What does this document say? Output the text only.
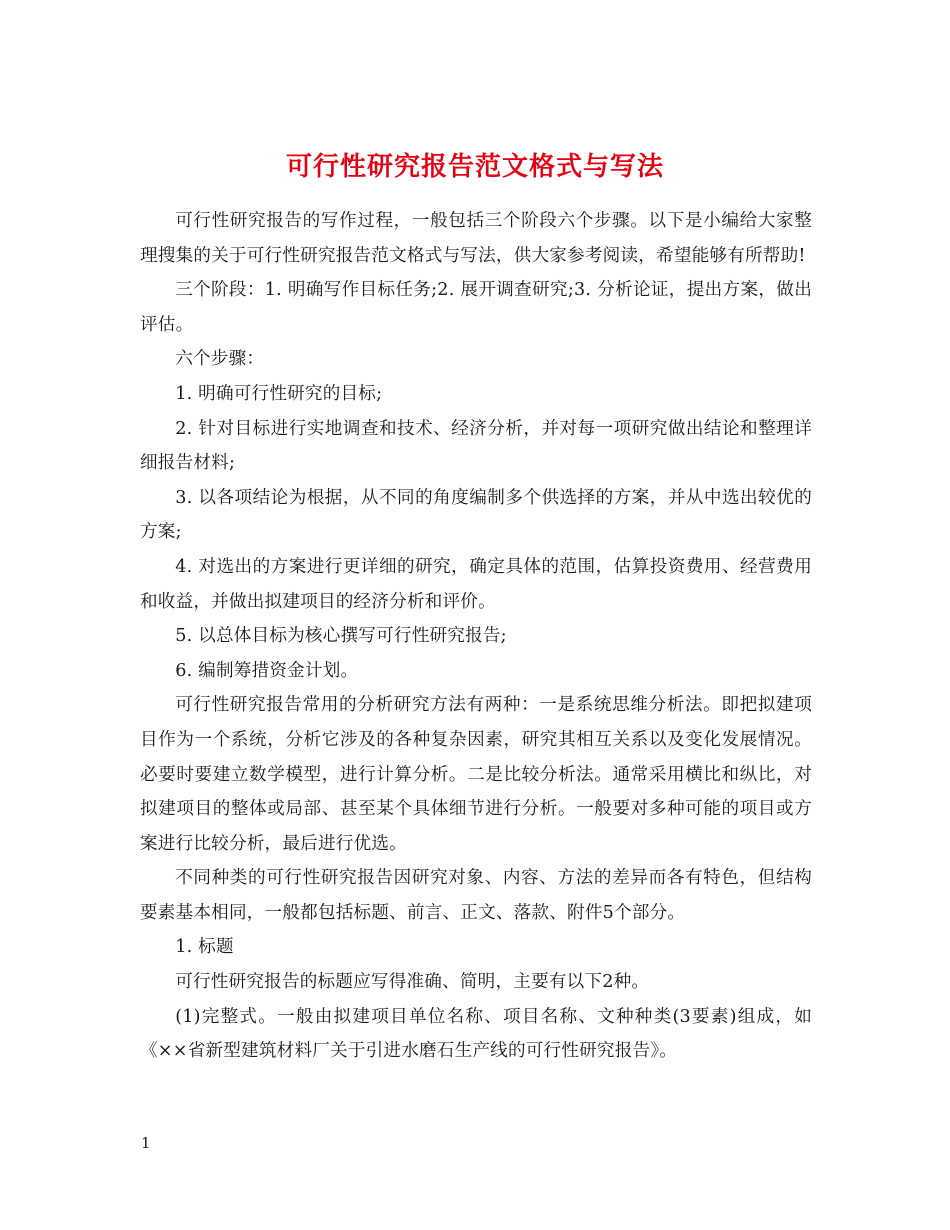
可行性研究报告范文格式与写法

可行性研究报告的写作过程，一般包括三个阶段六个步骤。以下是小编给大家整理搜集的关于可行性研究报告范文格式与写法，供大家参考阅读，希望能够有所帮助!

三个阶段：1. 明确写作目标任务;2. 展开调查研究;3. 分析论证，提出方案，做出评估。

六个步骤：

1. 明确可行性研究的目标;

2. 针对目标进行实地调查和技术、经济分析，并对每一项研究做出结论和整理详细报告材料;

3. 以各项结论为根据，从不同的角度编制多个供选择的方案，并从中选出较优的方案;

4. 对选出的方案进行更详细的研究，确定具体的范围，估算投资费用、经营费用和收益，并做出拟建项目的经济分析和评价。

5. 以总体目标为核心撰写可行性研究报告;

6. 编制筹措资金计划。

可行性研究报告常用的分析研究方法有两种：一是系统思维分析法。即把拟建项目作为一个系统，分析它涉及的各种复杂因素，研究其相互关系以及变化发展情况。必要时要建立数学模型，进行计算分析。二是比较分析法。通常采用横比和纵比，对拟建项目的整体或局部、甚至某个具体细节进行分析。一般要对多种可能的项目或方案进行比较分析，最后进行优选。

不同种类的可行性研究报告因研究对象、内容、方法的差异而各有特色，但结构要素基本相同，一般都包括标题、前言、正文、落款、附件5个部分。

1. 标题

可行性研究报告的标题应写得准确、简明，主要有以下2种。

(1)完整式。一般由拟建项目单位名称、项目名称、文种种类(3要素)组成，如《××省新型建筑材料厂关于引进水磨石生产线的可行性研究报告》。

1
